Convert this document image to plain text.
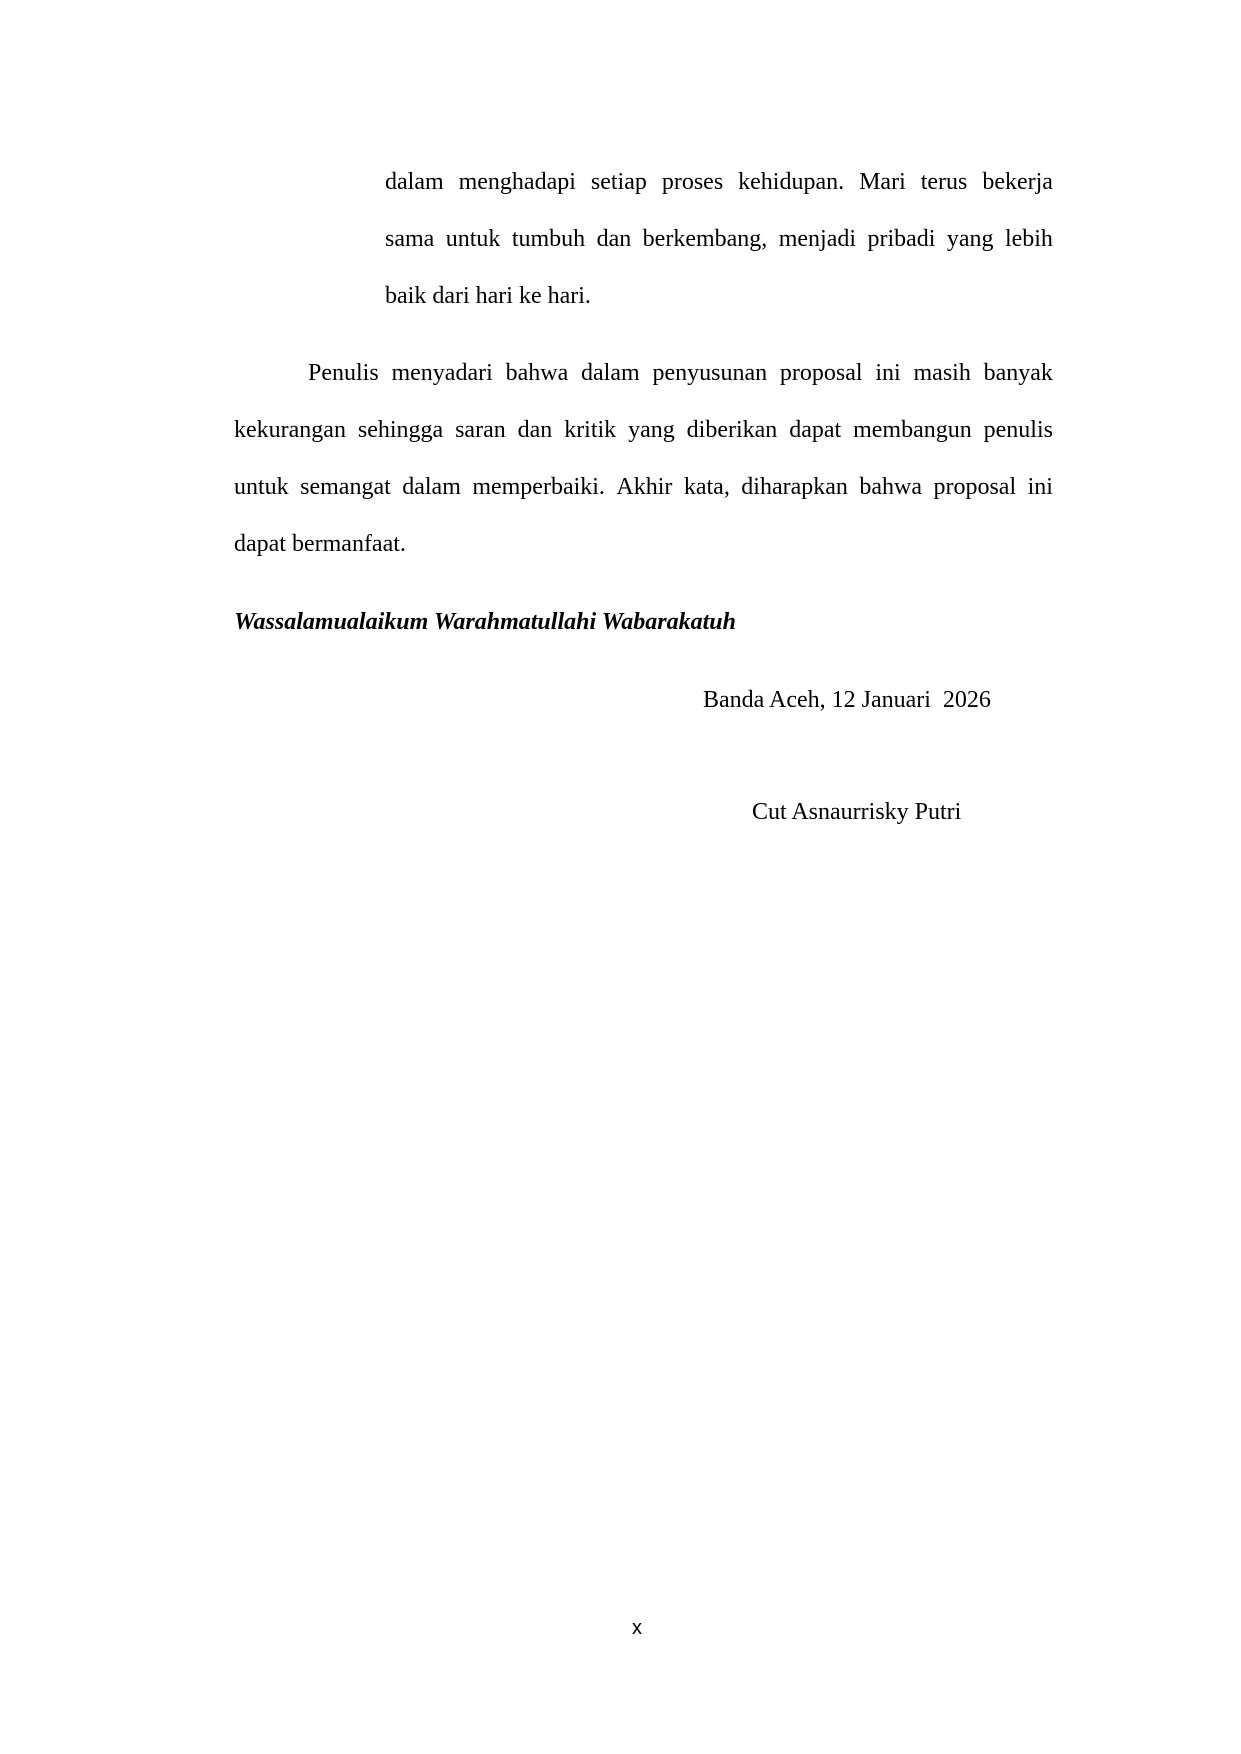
dalam menghadapi setiap proses kehidupan. Mari terus bekerja
sama untuk tumbuh dan berkembang, menjadi pribadi yang lebih
baik dari hari ke hari.
Penulis menyadari bahwa dalam penyusunan proposal ini masih banyak
kekurangan sehingga saran dan kritik yang diberikan dapat membangun penulis
untuk semangat dalam memperbaiki. Akhir kata, diharapkan bahwa proposal ini
dapat bermanfaat.
Wassalamualaikum Warahmatullahi Wabarakatuh
Banda Aceh, 12 Januari  2026
Cut Asnaurrisky Putri
x
